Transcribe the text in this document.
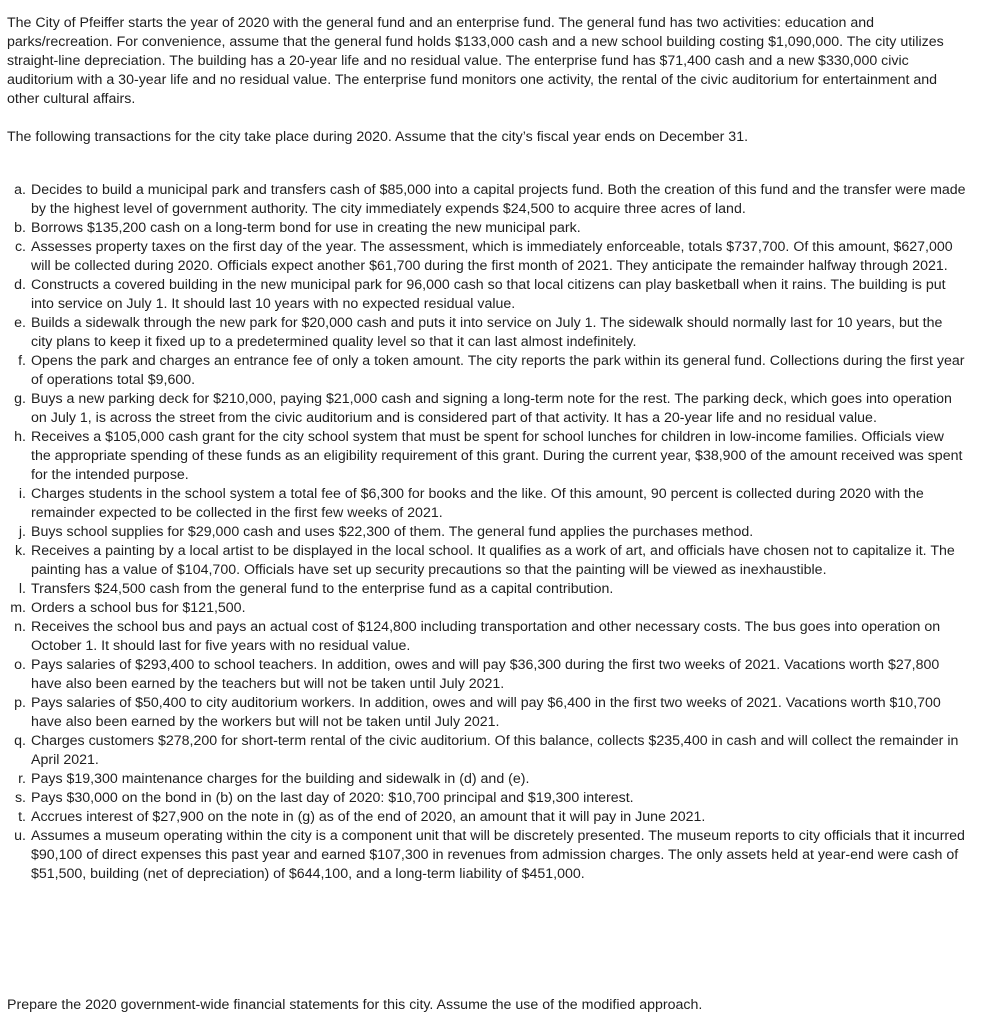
The City of Pfeiffer starts the year of 2020 with the general fund and an enterprise fund. The general fund has two activities: education and parks/recreation. For convenience, assume that the general fund holds $133,000 cash and a new school building costing $1,090,000. The city utilizes straight-line depreciation. The building has a 20-year life and no residual value. The enterprise fund has $71,400 cash and a new $330,000 civic auditorium with a 30-year life and no residual value. The enterprise fund monitors one activity, the rental of the civic auditorium for entertainment and other cultural affairs.

The following transactions for the city take place during 2020. Assume that the city’s fiscal year ends on December 31.

a. Decides to build a municipal park and transfers cash of $85,000 into a capital projects fund. Both the creation of this fund and the transfer were made by the highest level of government authority. The city immediately expends $24,500 to acquire three acres of land.
b. Borrows $135,200 cash on a long-term bond for use in creating the new municipal park.
c. Assesses property taxes on the first day of the year. The assessment, which is immediately enforceable, totals $737,700. Of this amount, $627,000 will be collected during 2020. Officials expect another $61,700 during the first month of 2021. They anticipate the remainder halfway through 2021.
d. Constructs a covered building in the new municipal park for 96,000 cash so that local citizens can play basketball when it rains. The building is put into service on July 1. It should last 10 years with no expected residual value.
e. Builds a sidewalk through the new park for $20,000 cash and puts it into service on July 1. The sidewalk should normally last for 10 years, but the city plans to keep it fixed up to a predetermined quality level so that it can last almost indefinitely.
f. Opens the park and charges an entrance fee of only a token amount. The city reports the park within its general fund. Collections during the first year of operations total $9,600.
g. Buys a new parking deck for $210,000, paying $21,000 cash and signing a long-term note for the rest. The parking deck, which goes into operation on July 1, is across the street from the civic auditorium and is considered part of that activity. It has a 20-year life and no residual value.
h. Receives a $105,000 cash grant for the city school system that must be spent for school lunches for children in low-income families. Officials view the appropriate spending of these funds as an eligibility requirement of this grant. During the current year, $38,900 of the amount received was spent for the intended purpose.
i. Charges students in the school system a total fee of $6,300 for books and the like. Of this amount, 90 percent is collected during 2020 with the remainder expected to be collected in the first few weeks of 2021.
j. Buys school supplies for $29,000 cash and uses $22,300 of them. The general fund applies the purchases method.
k. Receives a painting by a local artist to be displayed in the local school. It qualifies as a work of art, and officials have chosen not to capitalize it. The painting has a value of $104,700. Officials have set up security precautions so that the painting will be viewed as inexhaustible.
l. Transfers $24,500 cash from the general fund to the enterprise fund as a capital contribution.
m. Orders a school bus for $121,500.
n. Receives the school bus and pays an actual cost of $124,800 including transportation and other necessary costs. The bus goes into operation on October 1. It should last for five years with no residual value.
o. Pays salaries of $293,400 to school teachers. In addition, owes and will pay $36,300 during the first two weeks of 2021. Vacations worth $27,800 have also been earned by the teachers but will not be taken until July 2021.
p. Pays salaries of $50,400 to city auditorium workers. In addition, owes and will pay $6,400 in the first two weeks of 2021. Vacations worth $10,700 have also been earned by the workers but will not be taken until July 2021.
q. Charges customers $278,200 for short-term rental of the civic auditorium. Of this balance, collects $235,400 in cash and will collect the remainder in April 2021.
r. Pays $19,300 maintenance charges for the building and sidewalk in (d) and (e).
s. Pays $30,000 on the bond in (b) on the last day of 2020: $10,700 principal and $19,300 interest.
t. Accrues interest of $27,900 on the note in (g) as of the end of 2020, an amount that it will pay in June 2021.
u. Assumes a museum operating within the city is a component unit that will be discretely presented. The museum reports to city officials that it incurred $90,100 of direct expenses this past year and earned $107,300 in revenues from admission charges. The only assets held at year-end were cash of $51,500, building (net of depreciation) of $644,100, and a long-term liability of $451,000.

Prepare the 2020 government-wide financial statements for this city. Assume the use of the modified approach.
